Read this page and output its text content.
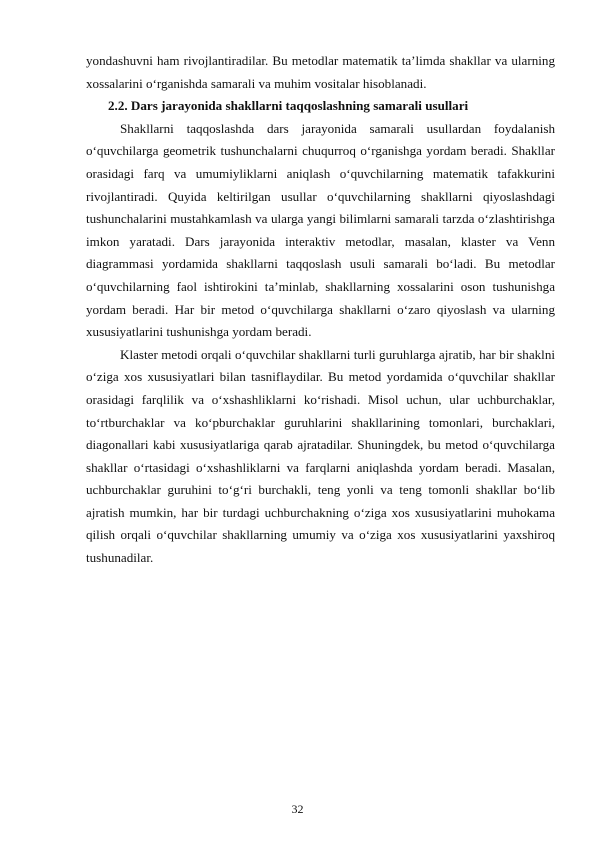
yondashuvni ham rivojlantiradilar. Bu metodlar matematik ta’limda shakllar va ularning xossalarini o‘rganishda samarali va muhim vositalar hisoblanadi.

2.2. Dars jarayonida shakllarni taqqoslashning samarali usullari

Shakllarni taqqoslashda dars jarayonida samarali usullardan foydalanish o‘quvchilarga geometrik tushunchalarni chuqurroq o‘rganishga yordam beradi. Shakllar orasidagi farq va umumiyliklarni aniqlash o‘quvchilarning matematik tafakkurini rivojlantiradi. Quyida keltirilgan usullar o‘quvchilarning shakllarni qiyoslashdagi tushunchalarini mustahkamlash va ularga yangi bilimlarni samarali tarzda o‘zlashtirishga imkon yaratadi. Dars jarayonida interaktiv metodlar, masalan, klaster va Venn diagrammasi yordamida shakllarni taqqoslash usuli samarali bo‘ladi. Bu metodlar o‘quvchilarning faol ishtirokini ta’minlab, shakllarning xossalarini oson tushunishga yordam beradi. Har bir metod o‘quvchilarga shakllarni o‘zaro qiyoslash va ularning xususiyatlarini tushunishga yordam beradi.

Klaster metodi orqali o‘quvchilar shakllarni turli guruhlarga ajratib, har bir shaklni o‘ziga xos xususiyatlari bilan tasniflaydilar. Bu metod yordamida o‘quvchilar shakllar orasidagi farqlilik va o‘xshashliklarni ko‘rishadi. Misol uchun, ular uchburchaklar, to‘rtburchaklar va ko‘pburchaklar guruhlarini shakllarining tomonlari, burchaklari, diagonallari kabi xususiyatlariga qarab ajratadilar. Shuningdek, bu metod o‘quvchilarga shakllar o‘rtasidagi o‘xshashliklarni va farqlarni aniqlashda yordam beradi. Masalan, uchburchaklar guruhini to‘g‘ri burchakli, teng yonli va teng tomonli shakllar bo‘lib ajratish mumkin, har bir turdagi uchburchakning o‘ziga xos xususiyatlarini muhokama qilish orqali o‘quvchilar shakllarning umumiy va o‘ziga xos xususiyatlarini yaxshiroq tushunadilar.

32
